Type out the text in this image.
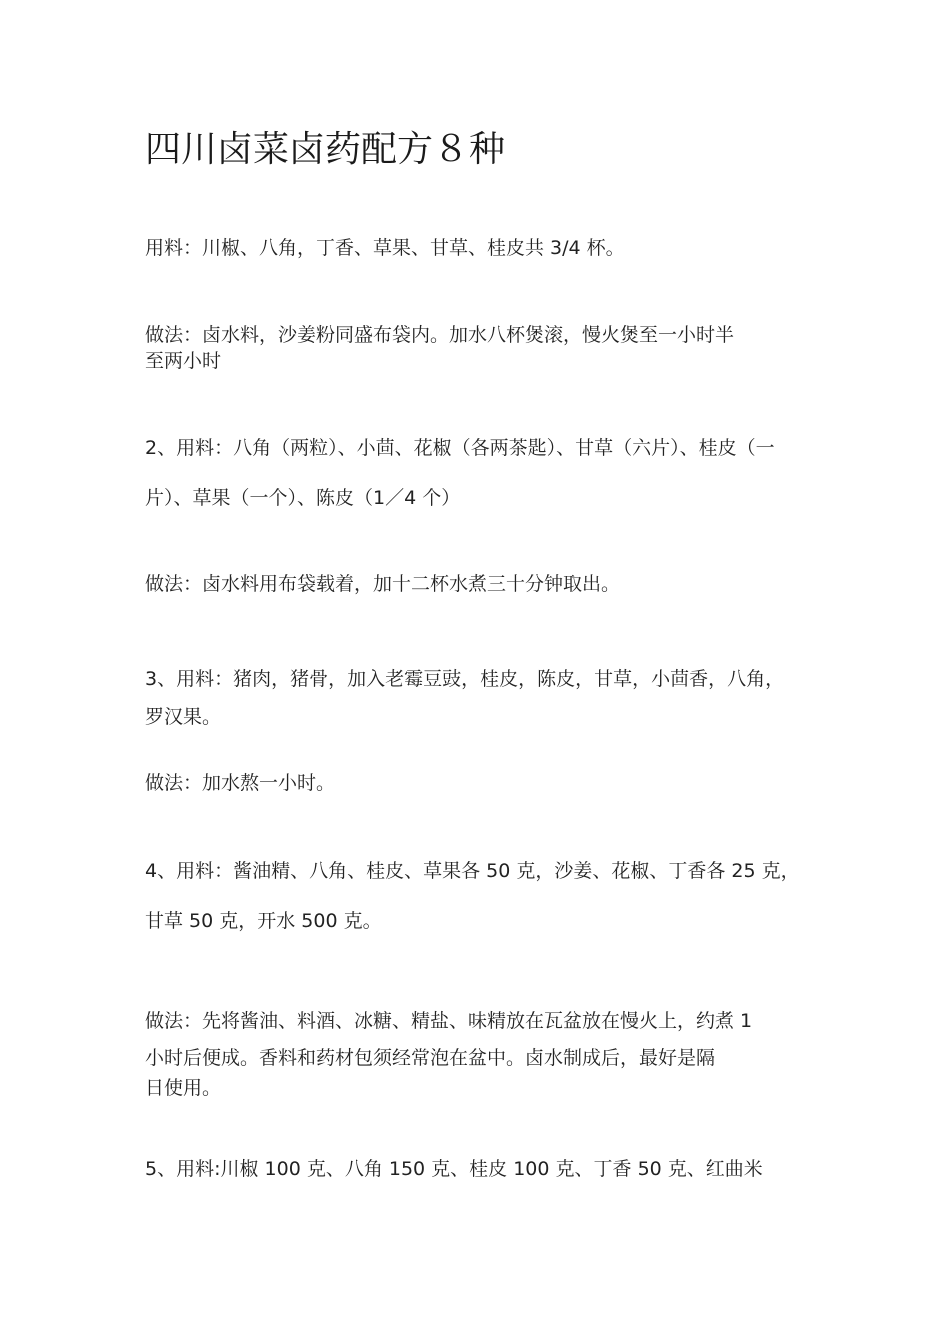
四川卤菜卤药配方８种

用料：川椒、八角，丁香、草果、甘草、桂皮共 3/4 杯。

做法：卤水料，沙姜粉同盛布袋内。加水八杯煲滚，慢火煲至一小时半
至两小时

2、用料：八角（两粒）、小茴、花椒（各两茶匙）、甘草（六片）、桂皮（一
片）、草果（一个）、陈皮（1／4 个）

做法：卤水料用布袋载着，加十二杯水煮三十分钟取出。

3、用料：猪肉，猪骨，加入老霉豆豉，桂皮，陈皮，甘草，小茴香，八角，
罗汉果。

做法：加水熬一小时。

4、用料：酱油精、八角、桂皮、草果各 50 克，沙姜、花椒、丁香各 25 克，
甘草 50 克，开水 500 克。

做法：先将酱油、料酒、冰糖、精盐、味精放在瓦盆放在慢火上，约煮 1
小时后便成。香料和药材包须经常泡在盆中。卤水制成后，最好是隔
日使用。

5、用料:川椒 100 克、八角 150 克、桂皮 100 克、丁香 50 克、红曲米
